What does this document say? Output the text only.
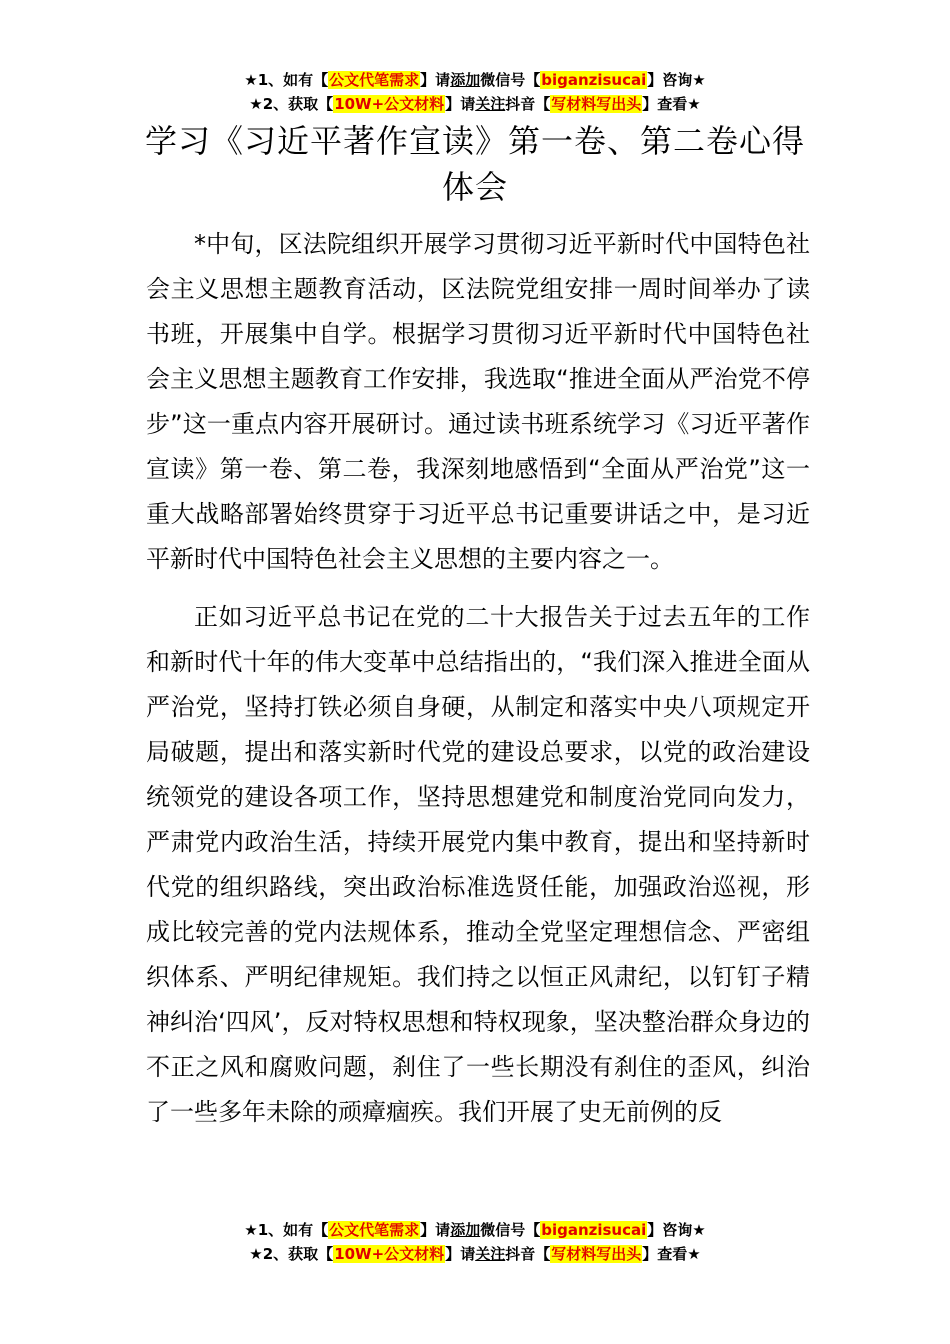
★1、如有【公文代笔需求】请添加微信号【biganzisucai】咨询★
★2、获取【10W+公文材料】请关注抖音【写材料写出头】查看★
学习《习近平著作宣读》第一卷、第二卷心得体会

*中旬，区法院组织开展学习贯彻习近平新时代中国特色社会主义思想主题教育活动，区法院党组安排一周时间举办了读书班，开展集中自学。根据学习贯彻习近平新时代中国特色社会主义思想主题教育工作安排，我选取“推进全面从严治党不停步”这一重点内容开展研讨。通过读书班系统学习《习近平著作宣读》第一卷、第二卷，我深刻地感悟到“全面从严治党”这一重大战略部署始终贯穿于习近平总书记重要讲话之中，是习近平新时代中国特色社会主义思想的主要内容之一。

正如习近平总书记在党的二十大报告关于过去五年的工作和新时代十年的伟大变革中总结指出的，“我们深入推进全面从严治党，坚持打铁必须自身硬，从制定和落实中央八项规定开局破题，提出和落实新时代党的建设总要求，以党的政治建设统领党的建设各项工作，坚持思想建党和制度治党同向发力，严肃党内政治生活，持续开展党内集中教育，提出和坚持新时代党的组织路线，突出政治标准选贤任能，加强政治巡视，形成比较完善的党内法规体系，推动全党坚定理想信念、严密组织体系、严明纪律规矩。我们持之以恒正风肃纪，以钉钉子精神纠治‘四风’，反对特权思想和特权现象，坚决整治群众身边的不正之风和腐败问题，刹住了一些长期没有刹住的歪风，纠治了一些多年未除的顽瘴痼疾。我们开展了史无前例的反

★1、如有【公文代笔需求】请添加微信号【biganzisucai】咨询★
★2、获取【10W+公文材料】请关注抖音【写材料写出头】查看★
